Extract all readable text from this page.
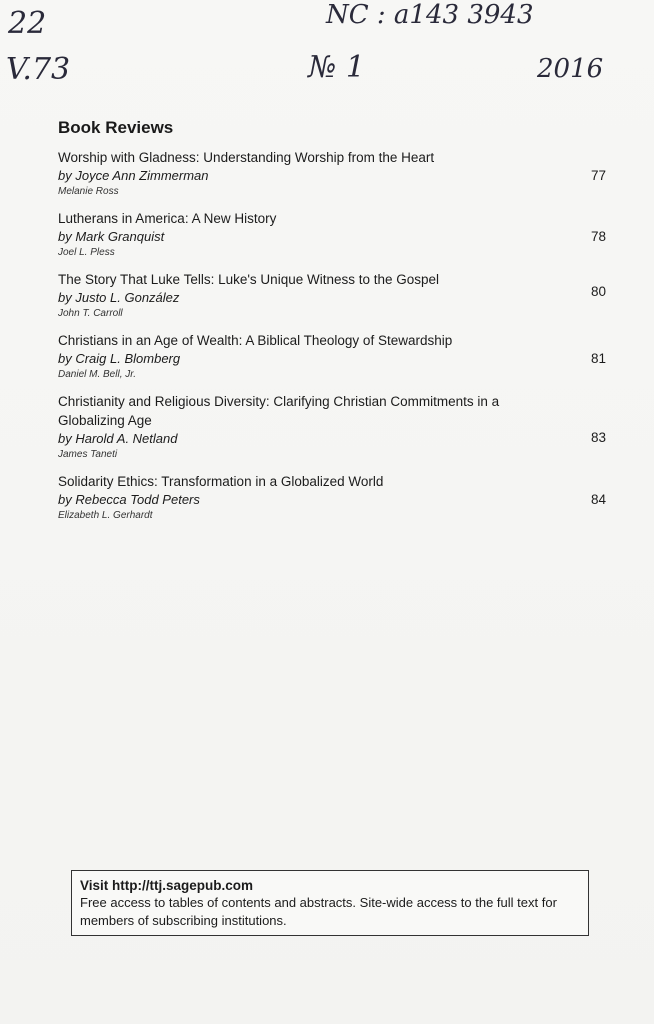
22
V.73
NC : a143 3943
№ 1	2016
Book Reviews
Worship with Gladness: Understanding Worship from the Heart
by Joyce Ann Zimmerman
Melanie Ross
77
Lutherans in America: A New History
by Mark Granquist
Joel L. Pless
78
The Story That Luke Tells: Luke's Unique Witness to the Gospel
by Justo L. González
John T. Carroll
80
Christians in an Age of Wealth: A Biblical Theology of Stewardship
by Craig L. Blomberg
Daniel M. Bell, Jr.
81
Christianity and Religious Diversity: Clarifying Christian Commitments in a Globalizing Age
by Harold A. Netland
James Taneti
83
Solidarity Ethics: Transformation in a Globalized World
by Rebecca Todd Peters
Elizabeth L. Gerhardt
84
Visit http://ttj.sagepub.com
Free access to tables of contents and abstracts. Site-wide access to the full text for members of subscribing institutions.
